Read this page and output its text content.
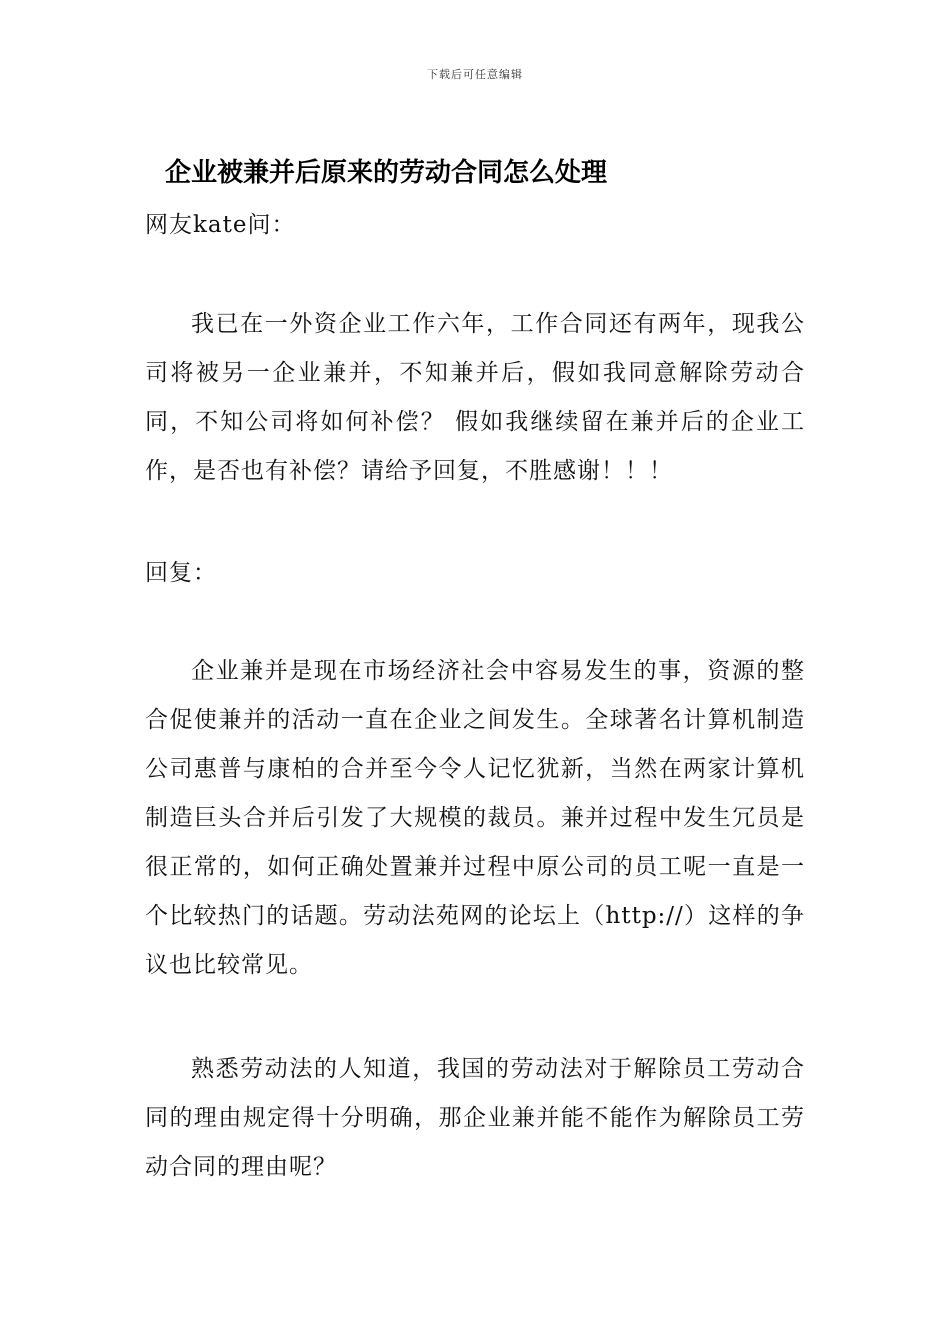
下载后可任意编辑
企业被兼并后原来的劳动合同怎么处理

网友kate问：

我已在一外资企业工作六年，工作合同还有两年，现我公司将被另一企业兼并，不知兼并后，假如我同意解除劳动合同，不知公司将如何补偿？ 假如我继续留在兼并后的企业工作，是否也有补偿？请给予回复，不胜感谢！！！

回复：

企业兼并是现在市场经济社会中容易发生的事，资源的整合促使兼并的活动一直在企业之间发生。全球著名计算机制造公司惠普与康柏的合并至今令人记忆犹新，当然在两家计算机制造巨头合并后引发了大规模的裁员。兼并过程中发生冗员是很正常的，如何正确处置兼并过程中原公司的员工呢一直是一个比较热门的话题。劳动法苑网的论坛上（http://）这样的争议也比较常见。

熟悉劳动法的人知道，我国的劳动法对于解除员工劳动合同的理由规定得十分明确，那企业兼并能不能作为解除员工劳动合同的理由呢？
